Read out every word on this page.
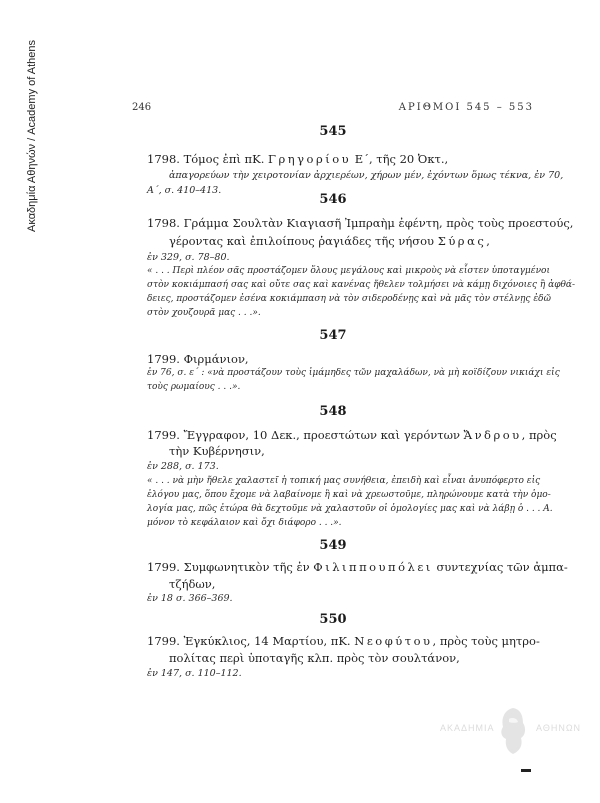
Ακαδημία Αθηνών / Academy of Athens	246	ΑΡΙΘΜΟΙ 545 – 553
545
1798. Τόμος ἐπὶ πΚ. Γρηγορίου Ε΄, τῆς 20 Ὀκτ.,
ἀπαγορεύων τὴν χειροτονίαν ἀρχιερέων, χήρων μέν, ἐχόντων ὅμως τέκνα, ἐν 70,
Α΄, σ. 410–413.
546
1798. Γράμμα Σουλτὰν Κιαγιασῆ Ἰμπραὴμ ἐφέντη, πρὸς τοὺς προεστούς,
γέροντας καὶ ἐπιλοίπους ῥαγιάδες τῆς νήσου Σύρας,
ἐν 329, σ. 78–80.
« . . . Περὶ πλέον σᾶς προστάζομεν ὅλους μεγάλους καὶ μικροὺς νὰ εἶστεν ὑποταγμένοι
στὸν κοκιάμπασή σας καὶ οὔτε σας καὶ κανένας ἤθελεν τολμήσει νὰ κάμῃ διχόνοιες ἢ ἀφθά-
δειες, προστάζομεν ἐσένα κοκιάμπαση νὰ τὸν σιδεροδένῃς καὶ νὰ μᾶς τὸν στέλνῃς ἐδῶ
στὸν χουζουρᾶ μας . . .».
547
1799. Φιρμάνιον,
ἐν 76, σ. ε΄ : «νὰ προστάζουν τοὺς ἰμάμηδες τῶν μαχαλάδων, νὰ μὴ κοϊδίζουν νικιάχι εἰς
τοὺς ρωμαίους . . .».
548
1799. Ἔγγραφον, 10 Δεκ., προεστώτων καὶ γερόντων Ἄνδρου, πρὸς
τὴν Κυβέρνησιν,
ἐν 288, σ. 173.
« . . . νὰ μὴν ἤθελε χαλαστεῖ ἡ τοπική μας συνήθεια, ἐπειδὴ καὶ εἶναι ἀνυπόφερτο εἰς
ἐλόγου μας, ὅπου ἔχομε νὰ λαβαίνομε ἢ καὶ νὰ χρεωστοῦμε, πληρώνουμε κατὰ τὴν ὁμο-
λογία μας, πῶς ἐτώρα θὰ δεχτοῦμε νὰ χαλαστοῦν οἱ ὁμολογίες μας καὶ νὰ λάβῃ ὁ . . . Α.
μόνον τὸ κεφάλαιον καὶ ὄχι διάφορο . . .».
549
1799. Συμφωνητικὸν τῆς ἐν Φιλιππουπόλει συντεχνίας τῶν ἀμπα-
τζήδων,
ἐν 18 σ. 366–369.
550
1799. Ἐγκύκλιος, 14 Μαρτίου, πΚ. Νεοφύτου, πρὸς τοὺς μητρο-
πολίτας περὶ ὑποταγῆς κλπ. πρὸς τὸν σουλτάνον,
ἐν 147, σ. 110–112.
ΑΚΑΔΗΜΙΑ	ΑΘΗΝΩΝ
